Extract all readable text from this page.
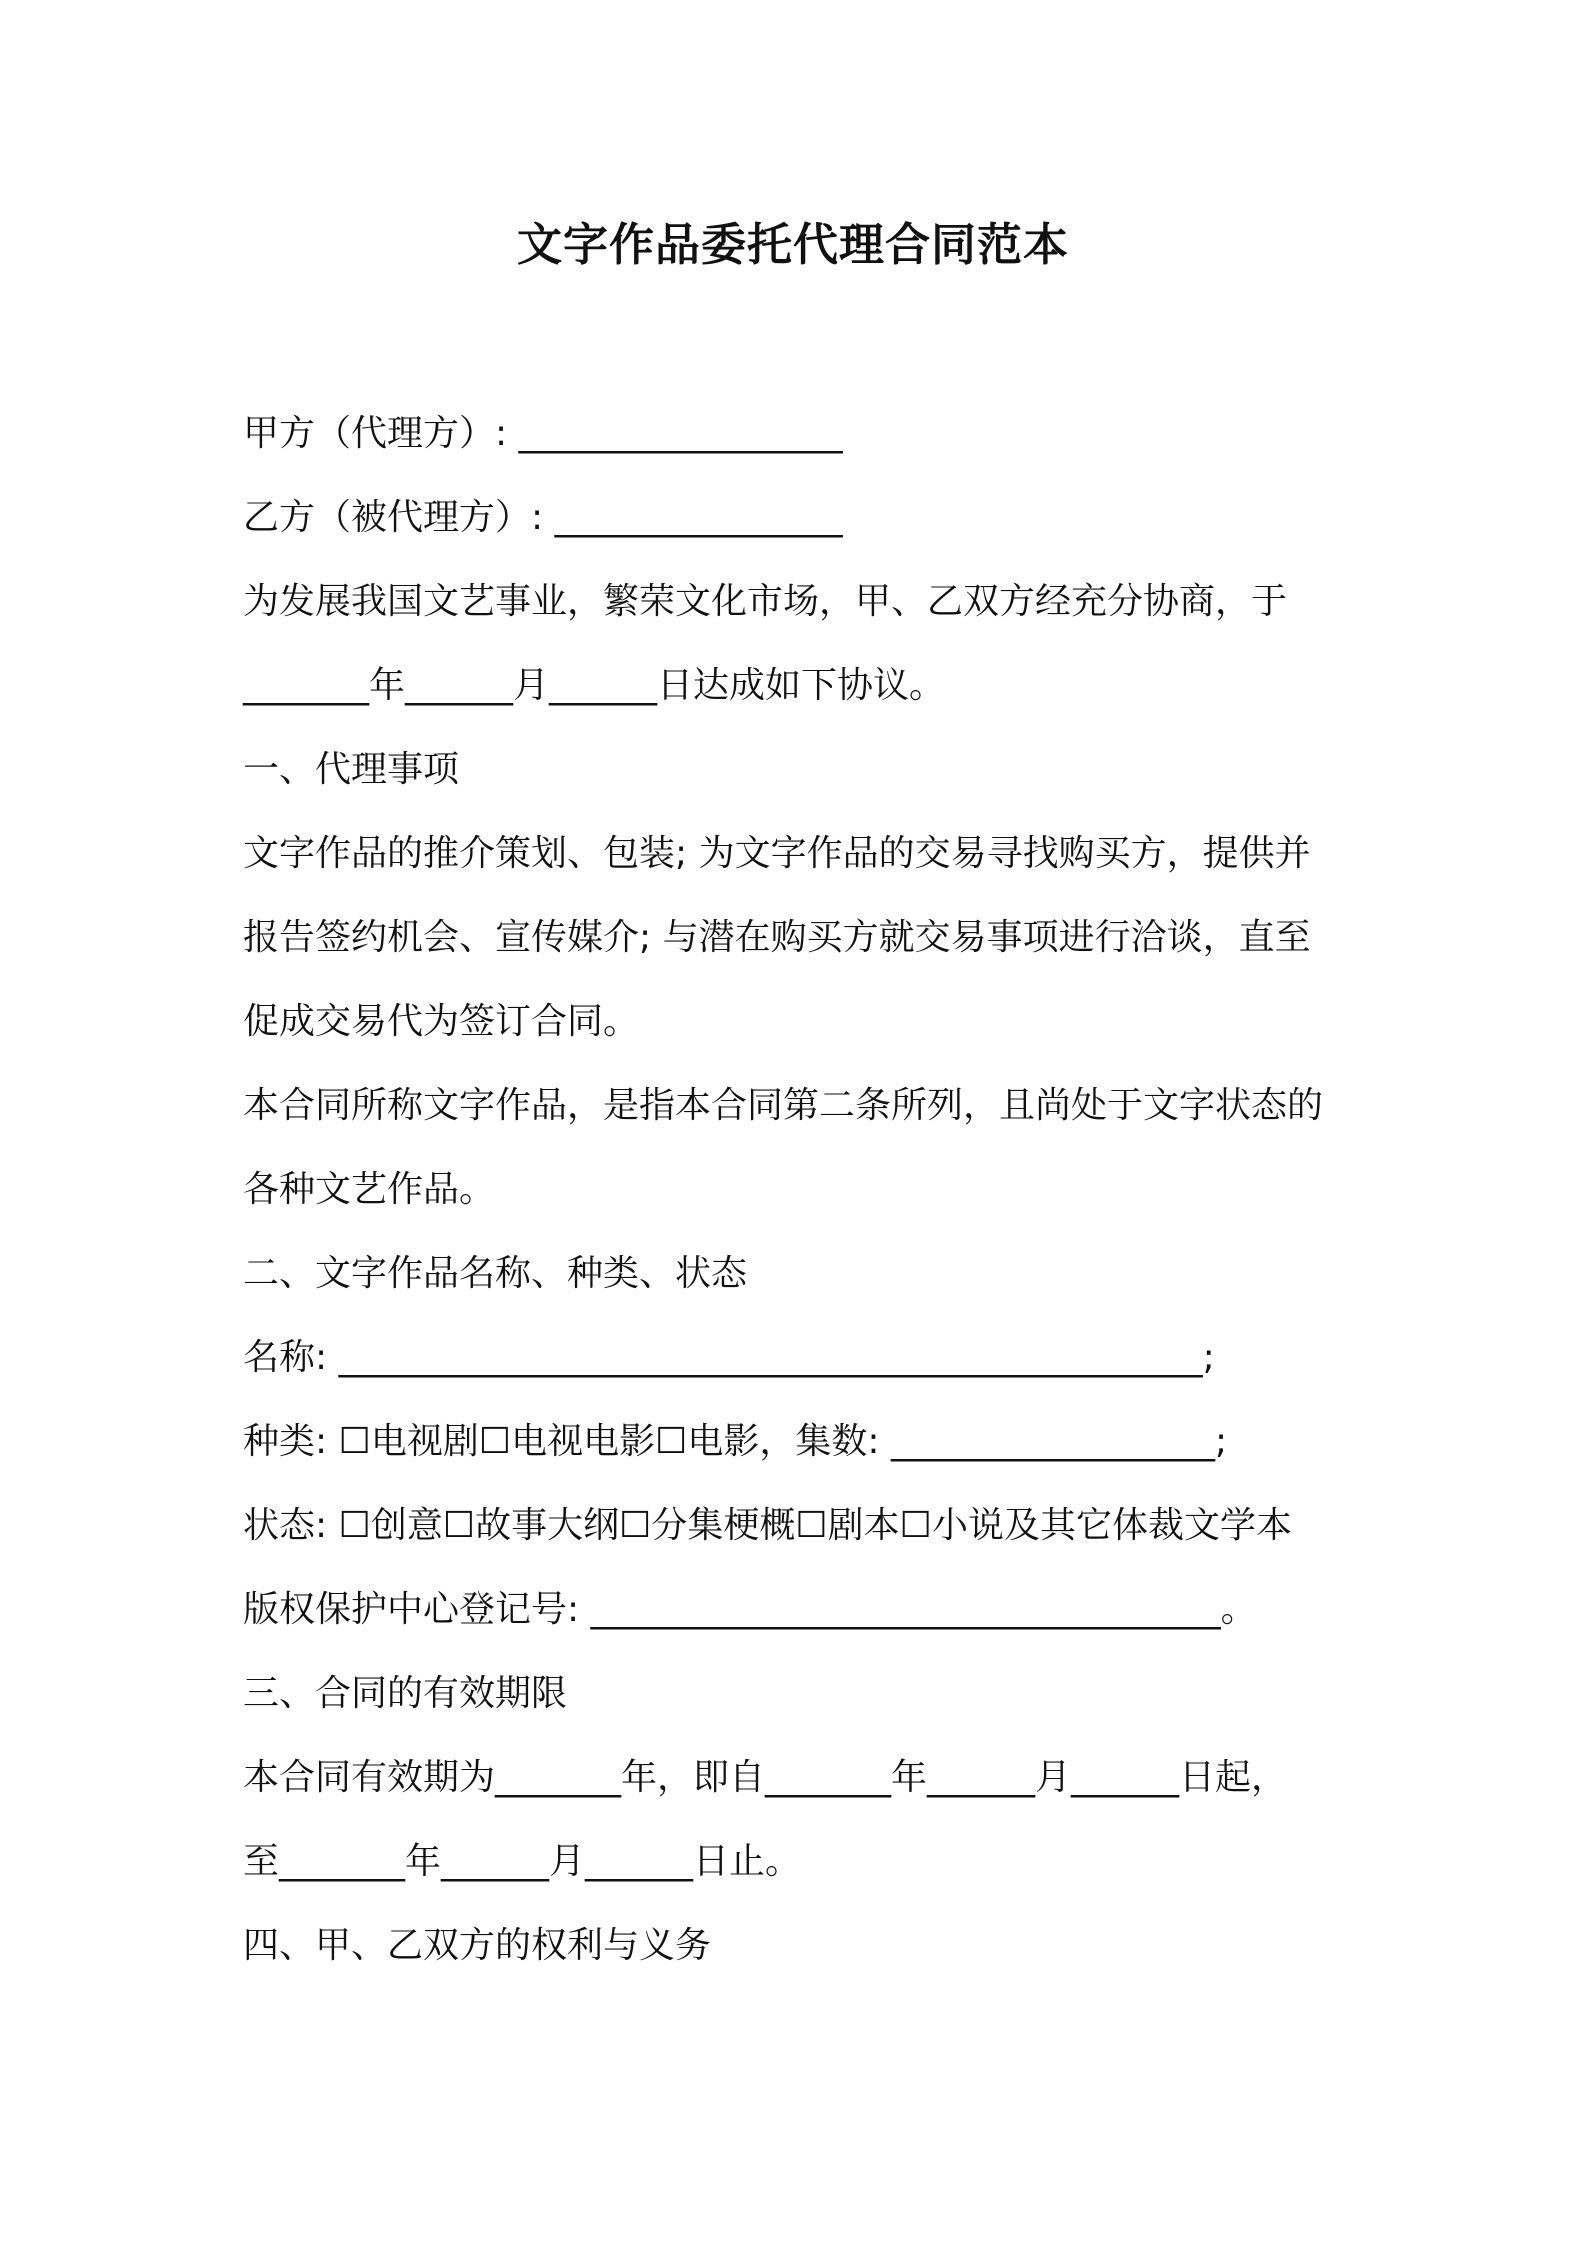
文字作品委托代理合同范本
甲方（代理方）: __________________
乙方（被代理方）: ________________
为发展我国文艺事业，繁荣文化市场，甲、乙双方经充分协商，于
_______年______月______日达成如下协议。
一、代理事项
文字作品的推介策划、包装; 为文字作品的交易寻找购买方，提供并
报告签约机会、宣传媒介; 与潜在购买方就交易事项进行洽谈，直至
促成交易代为签订合同。
本合同所称文字作品，是指本合同第二条所列，且尚处于文字状态的
各种文艺作品。
二、文字作品名称、种类、状态
名称: ________________________________________________;
种类: ☐电视剧☐电视电影☐电影，集数: __________________;
状态: ☐创意☐故事大纲☐分集梗概☐剧本☐小说及其它体裁文学本
版权保护中心登记号: ___________________________________。
三、合同的有效期限
本合同有效期为_______年，即自_______年______月______日起，
至_______年______月______日止。
四、甲、乙双方的权利与义务
